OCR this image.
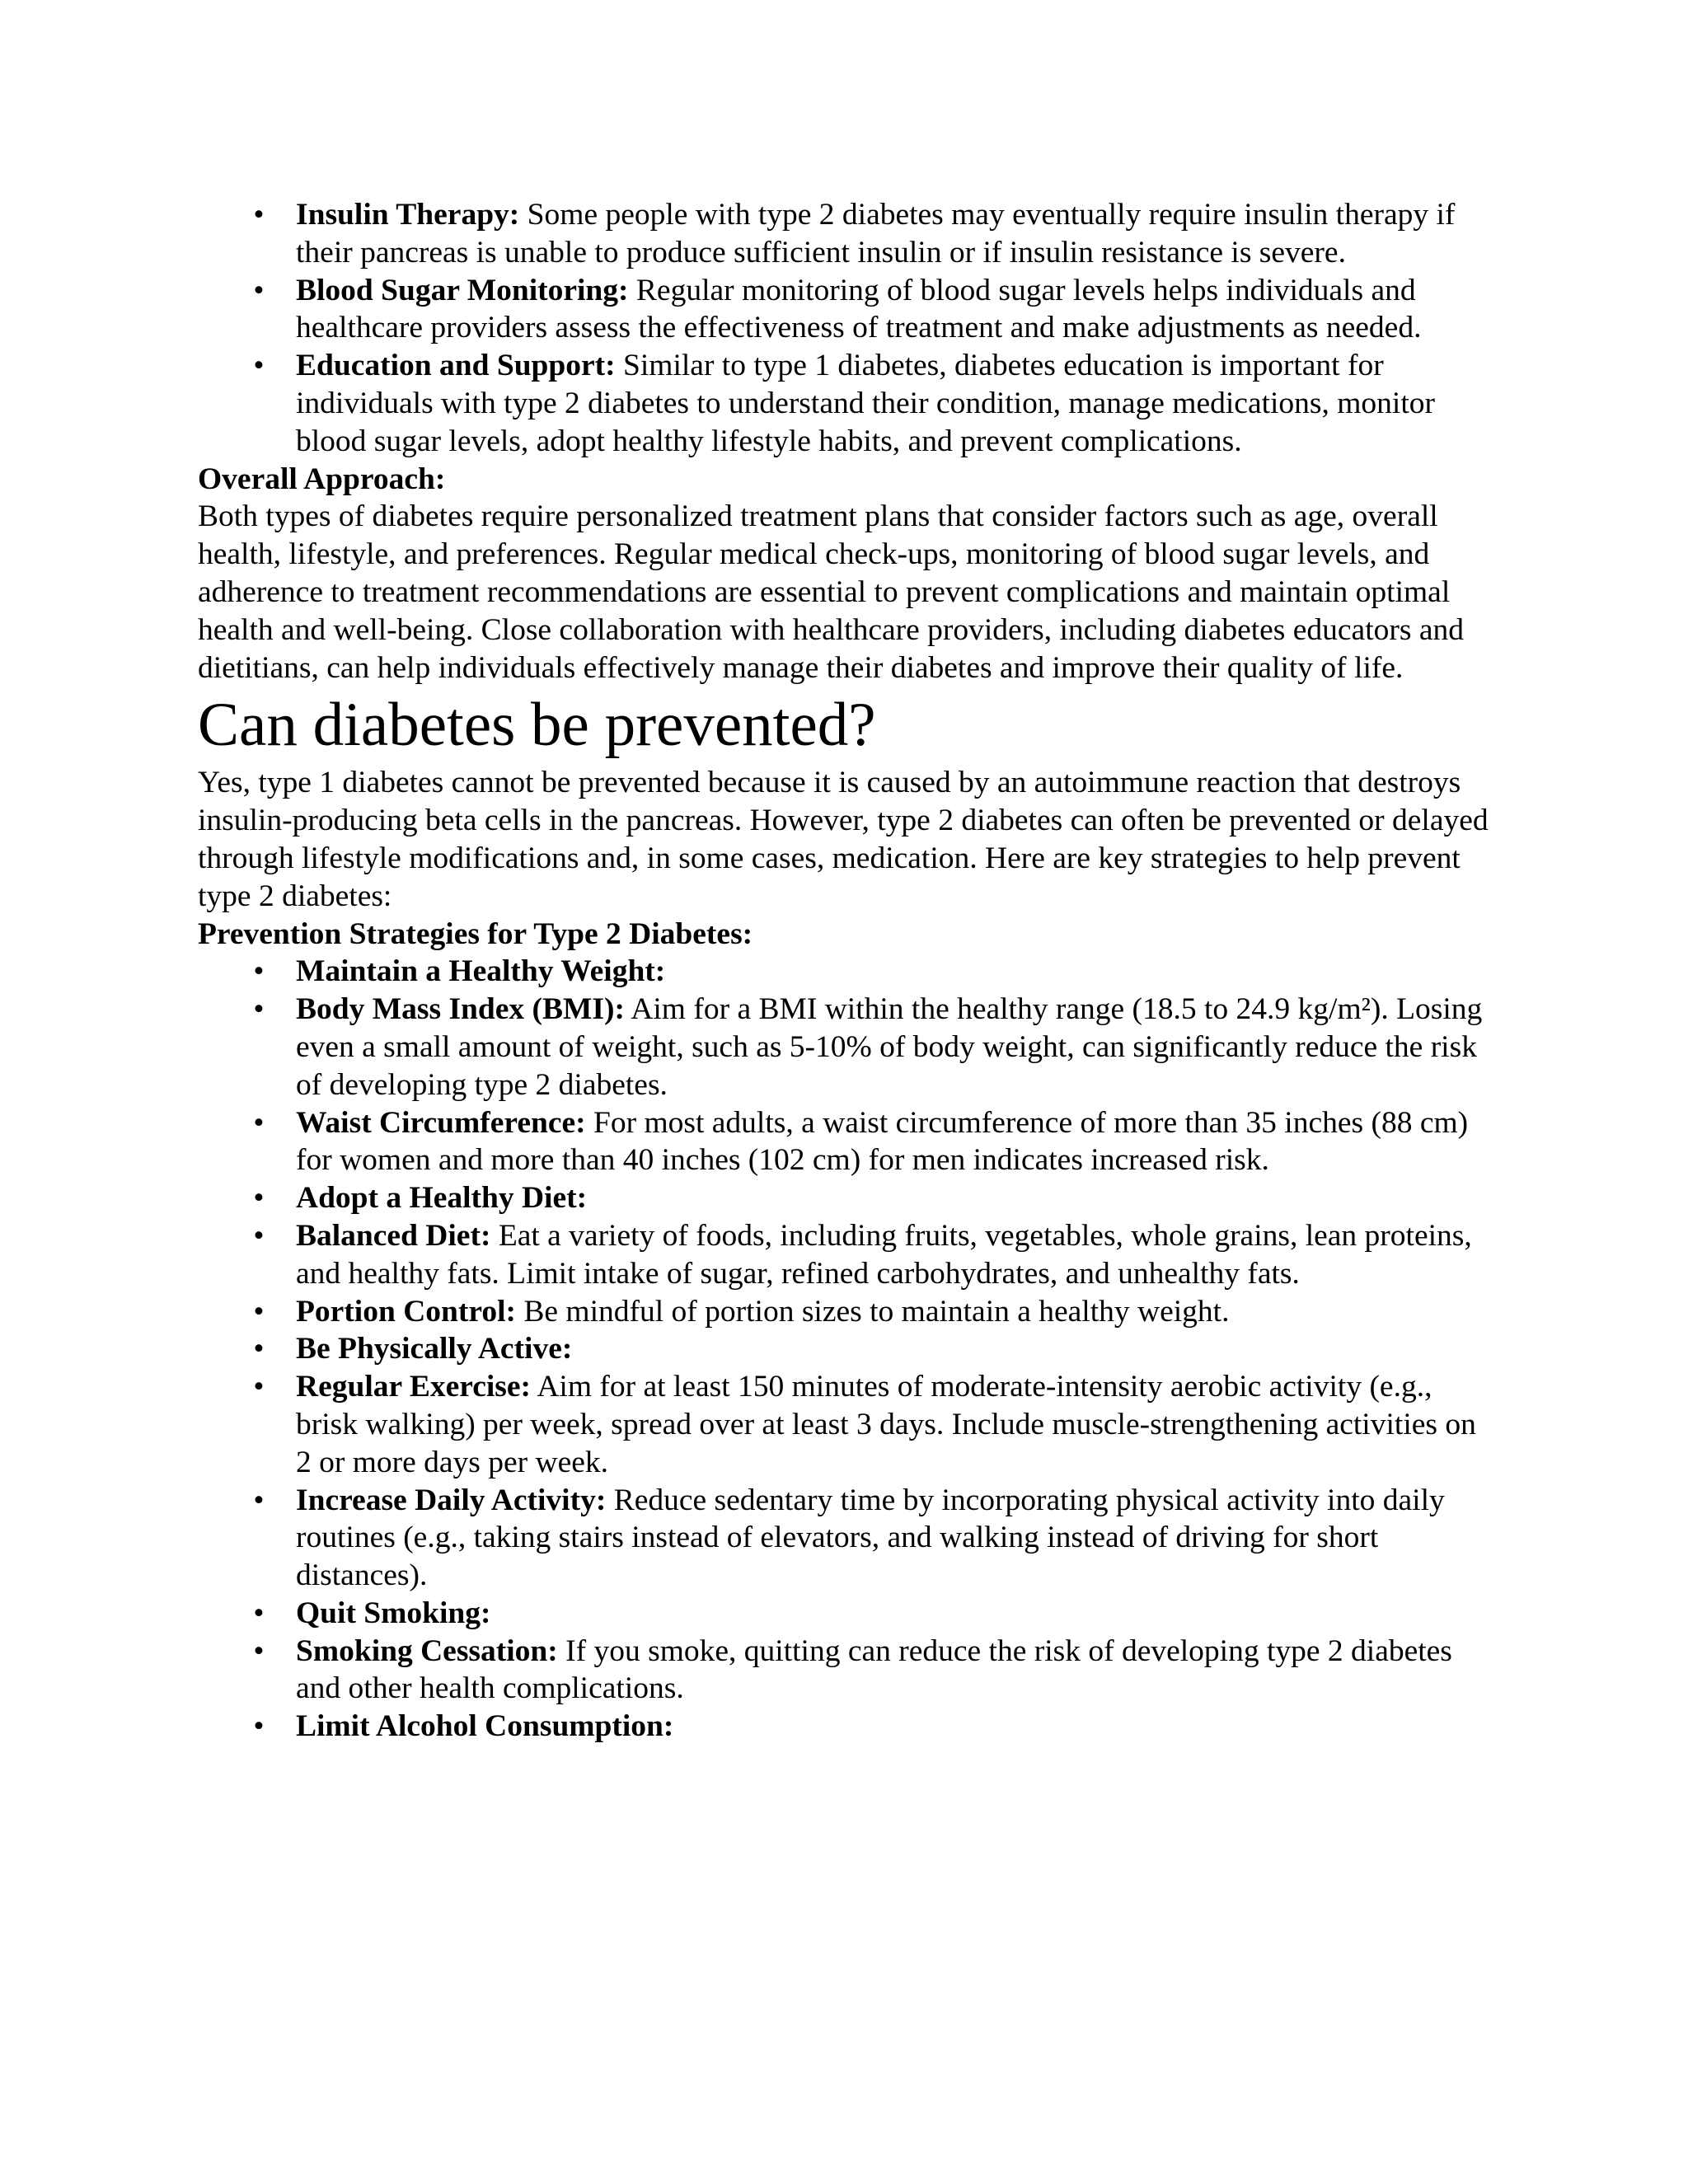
• Insulin Therapy: Some people with type 2 diabetes may eventually require insulin therapy if their pancreas is unable to produce sufficient insulin or if insulin resistance is severe.
• Blood Sugar Monitoring: Regular monitoring of blood sugar levels helps individuals and healthcare providers assess the effectiveness of treatment and make adjustments as needed.
• Education and Support: Similar to type 1 diabetes, diabetes education is important for individuals with type 2 diabetes to understand their condition, manage medications, monitor blood sugar levels, adopt healthy lifestyle habits, and prevent complications.

Overall Approach:

Both types of diabetes require personalized treatment plans that consider factors such as age, overall health, lifestyle, and preferences. Regular medical check-ups, monitoring of blood sugar levels, and adherence to treatment recommendations are essential to prevent complications and maintain optimal health and well-being. Close collaboration with healthcare providers, including diabetes educators and dietitians, can help individuals effectively manage their diabetes and improve their quality of life.

Can diabetes be prevented?

Yes, type 1 diabetes cannot be prevented because it is caused by an autoimmune reaction that destroys insulin-producing beta cells in the pancreas. However, type 2 diabetes can often be prevented or delayed through lifestyle modifications and, in some cases, medication. Here are key strategies to help prevent type 2 diabetes:

Prevention Strategies for Type 2 Diabetes:

• Maintain a Healthy Weight:
• Body Mass Index (BMI): Aim for a BMI within the healthy range (18.5 to 24.9 kg/m²). Losing even a small amount of weight, such as 5-10% of body weight, can significantly reduce the risk of developing type 2 diabetes.
• Waist Circumference: For most adults, a waist circumference of more than 35 inches (88 cm) for women and more than 40 inches (102 cm) for men indicates increased risk.
• Adopt a Healthy Diet:
• Balanced Diet: Eat a variety of foods, including fruits, vegetables, whole grains, lean proteins, and healthy fats. Limit intake of sugar, refined carbohydrates, and unhealthy fats.
• Portion Control: Be mindful of portion sizes to maintain a healthy weight.
• Be Physically Active:
• Regular Exercise: Aim for at least 150 minutes of moderate-intensity aerobic activity (e.g., brisk walking) per week, spread over at least 3 days. Include muscle-strengthening activities on 2 or more days per week.
• Increase Daily Activity: Reduce sedentary time by incorporating physical activity into daily routines (e.g., taking stairs instead of elevators, and walking instead of driving for short distances).
• Quit Smoking:
• Smoking Cessation: If you smoke, quitting can reduce the risk of developing type 2 diabetes and other health complications.
• Limit Alcohol Consumption:
